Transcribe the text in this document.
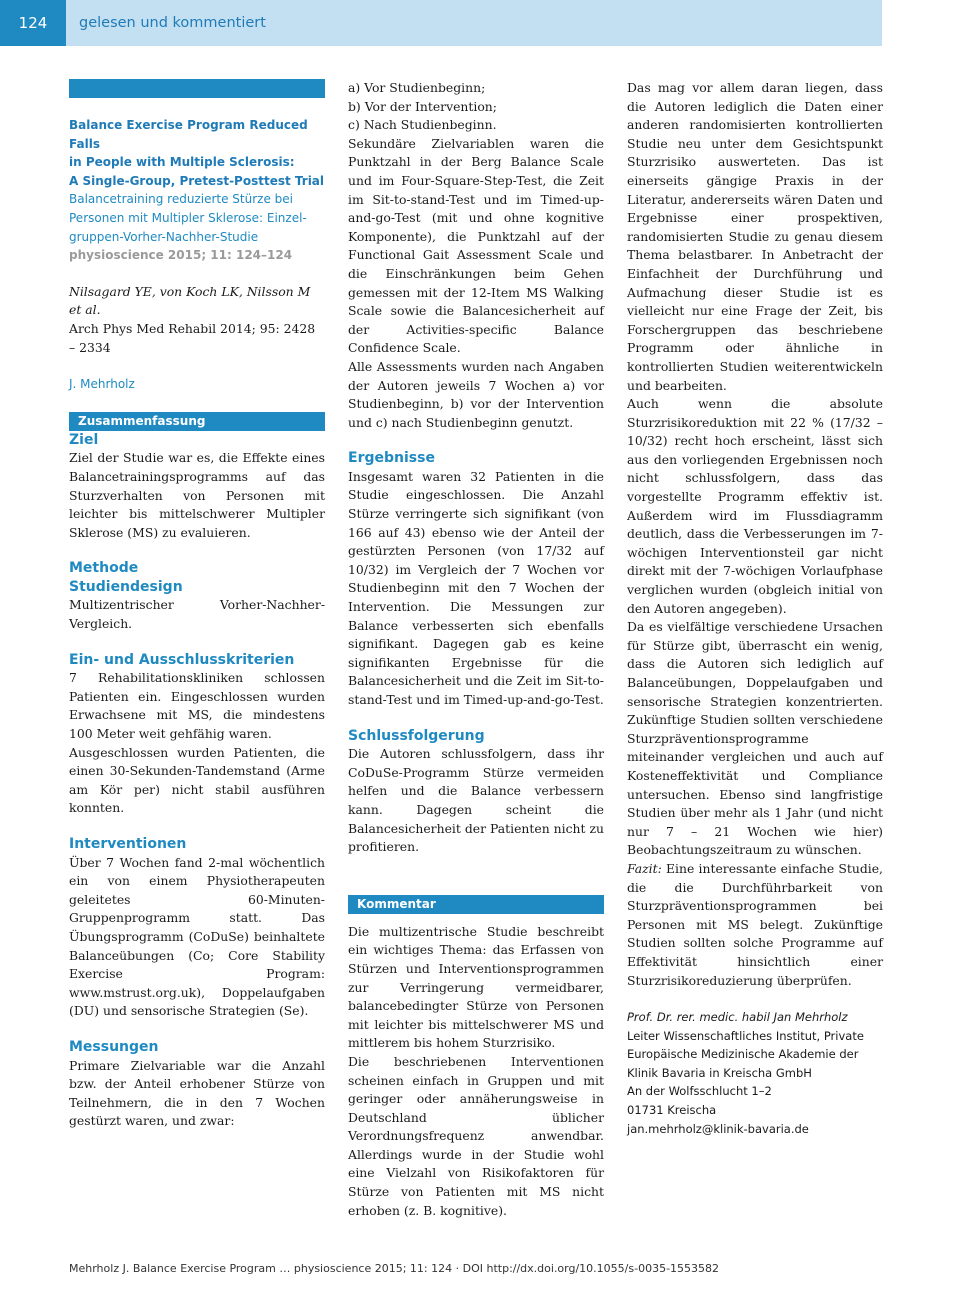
124	gelesen und kommentiert
Balance Exercise Program Reduced Falls
in People with Multiple Sclerosis:
A Single-Group, Pretest-Posttest Trial
Balancetraining reduzierte Stürze bei
Personen mit Multipler Sklerose: Einzel-
gruppen-Vorher-Nachher-Studie
physioscience 2015; 11: 124–124

Nilsagard YE, von Koch LK, Nilsson M et al.

Arch Phys Med Rehabil 2014; 95: 2428 – 2334

J. Mehrholz

Zusammenfassung

Ziel

Ziel der Studie war es, die Effekte eines Balancetrainingsprogramms auf das Sturzverhalten von Personen mit leichter bis mittelschwerer Multipler Sklerose (MS) zu evaluieren.

Methode

Studiendesign

Multizentrischer Vorher-Nachher-Vergleich.

Ein- und Ausschlusskriterien

7 Rehabilitationskliniken schlossen Patienten ein. Eingeschlossen wurden Erwachsene mit MS, die mindestens 100 Meter weit gehfähig waren.

Ausgeschlossen wurden Patienten, die einen 30-Sekunden-Tandemstand (Arme am Kör per) nicht stabil ausführen konnten.

Interventionen

Über 7 Wochen fand 2-mal wöchentlich ein von einem Physiotherapeuten geleitetes 60-Minuten-Gruppenprogramm statt. Das Übungsprogramm (CoDuSe) beinhaltete Balanceübungen (Co; Core Stability Exercise Program: www.mstrust.org.uk), Doppelaufgaben (DU) und sensorische Strategien (Se).

Messungen

Primare Zielvariable war die Anzahl bzw. der Anteil erhobener Stürze von Teilnehmern, die in den 7 Wochen gestürzt waren, und zwar:

a) Vor Studienbeginn;

b) Vor der Intervention;

c) Nach Studienbeginn.

Sekundäre Zielvariablen waren die Punktzahl in der Berg Balance Scale und im Four-Square-Step-Test, die Zeit im Sit-to-stand-Test und im Timed-up-and-go-Test (mit und ohne kognitive Komponente), die Punktzahl auf der Functional Gait Assessment Scale und die Einschränkungen beim Gehen gemessen mit der 12-Item MS Walking Scale sowie die Balancesicherheit auf der Activities-specific Balance Confidence Scale.

Alle Assessments wurden nach Angaben der Autoren jeweils 7 Wochen a) vor Studienbeginn, b) vor der Intervention und c) nach Studienbeginn genutzt.

Ergebnisse

Insgesamt waren 32 Patienten in die Studie eingeschlossen. Die Anzahl Stürze verringerte sich signifikant (von 166 auf 43) ebenso wie der Anteil der gestürzten Personen (von 17/32 auf 10/32) im Vergleich der 7 Wochen vor Studienbeginn mit den 7 Wochen der Intervention. Die Messungen zur Balance verbesserten sich ebenfalls signifikant. Dagegen gab es keine signifikanten Ergebnisse für die Balancesicherheit und die Zeit im Sit-to-stand-Test und im Timed-up-and-go-Test.

Schlussfolgerung

Die Autoren schlussfolgern, dass ihr CoDuSe-Programm Stürze vermeiden helfen und die Balance verbessern kann. Dagegen scheint die Balancesicherheit der Patienten nicht zu profitieren.

Kommentar

Die multizentrische Studie beschreibt ein wichtiges Thema: das Erfassen von Stürzen und Interventionsprogrammen zur Verringerung vermeidbarer, balancebedingter Stürze von Personen mit leichter bis mittelschwerer MS und mittlerem bis hohem Sturzrisiko.

Die beschriebenen Interventionen scheinen einfach in Gruppen und mit geringer oder annäherungsweise in Deutschland üblicher Verordnungsfrequenz anwendbar. Allerdings wurde in der Studie wohl eine Vielzahl von Risikofaktoren für Stürze von Patienten mit MS nicht erhoben (z. B. kognitive).

Das mag vor allem daran liegen, dass die Autoren lediglich die Daten einer anderen randomisierten kontrollierten Studie neu unter dem Gesichtspunkt Sturzrisiko auswerteten. Das ist einerseits gängige Praxis in der Literatur, andererseits wären Daten und Ergebnisse einer prospektiven, randomisierten Studie zu genau diesem Thema belastbarer. In Anbetracht der Einfachheit der Durchführung und Aufmachung dieser Studie ist es vielleicht nur eine Frage der Zeit, bis Forschergruppen das beschriebene Programm oder ähnliche in kontrollierten Studien weiterentwickeln und bearbeiten.

Auch wenn die absolute Sturzrisikoreduktion mit 22 % (17/32 – 10/32) recht hoch erscheint, lässt sich aus den vorliegenden Ergebnissen noch nicht schlussfolgern, dass das vorgestellte Programm effektiv ist. Außerdem wird im Flussdiagramm deutlich, dass die Verbesserungen im 7-wöchigen Interventionsteil gar nicht direkt mit der 7-wöchigen Vorlaufphase verglichen wurden (obgleich initial von den Autoren angegeben).

Da es vielfältige verschiedene Ursachen für Stürze gibt, überrascht ein wenig, dass die Autoren sich lediglich auf Balanceübungen, Doppelaufgaben und sensorische Strategien konzentrierten. Zukünftige Studien sollten verschiedene Sturzpräventionsprogramme miteinander vergleichen und auch auf Kosteneffektivität und Compliance untersuchen. Ebenso sind langfristige Studien über mehr als 1 Jahr (und nicht nur 7 – 21 Wochen wie hier) Beobachtungszeitraum zu wünschen.

Fazit: Eine interessante einfache Studie, die die Durchführbarkeit von Sturzpräventionsprogrammen bei Personen mit MS belegt. Zukünftige Studien sollten solche Programme auf Effektivität hinsichtlich einer Sturzrisikoreduzierung überprüfen.

Prof. Dr. rer. medic. habil Jan Mehrholz

Leiter Wissenschaftliches Institut, Private Europäische Medizinische Akademie der Klinik Bavaria in Kreischa GmbH

An der Wolfsschlucht 1–2

01731 Kreischa

jan.mehrholz@klinik-bavaria.de

Mehrholz J. Balance Exercise Program … physioscience 2015; 11: 124 · DOI http://dx.doi.org/10.1055/s-0035-1553582
